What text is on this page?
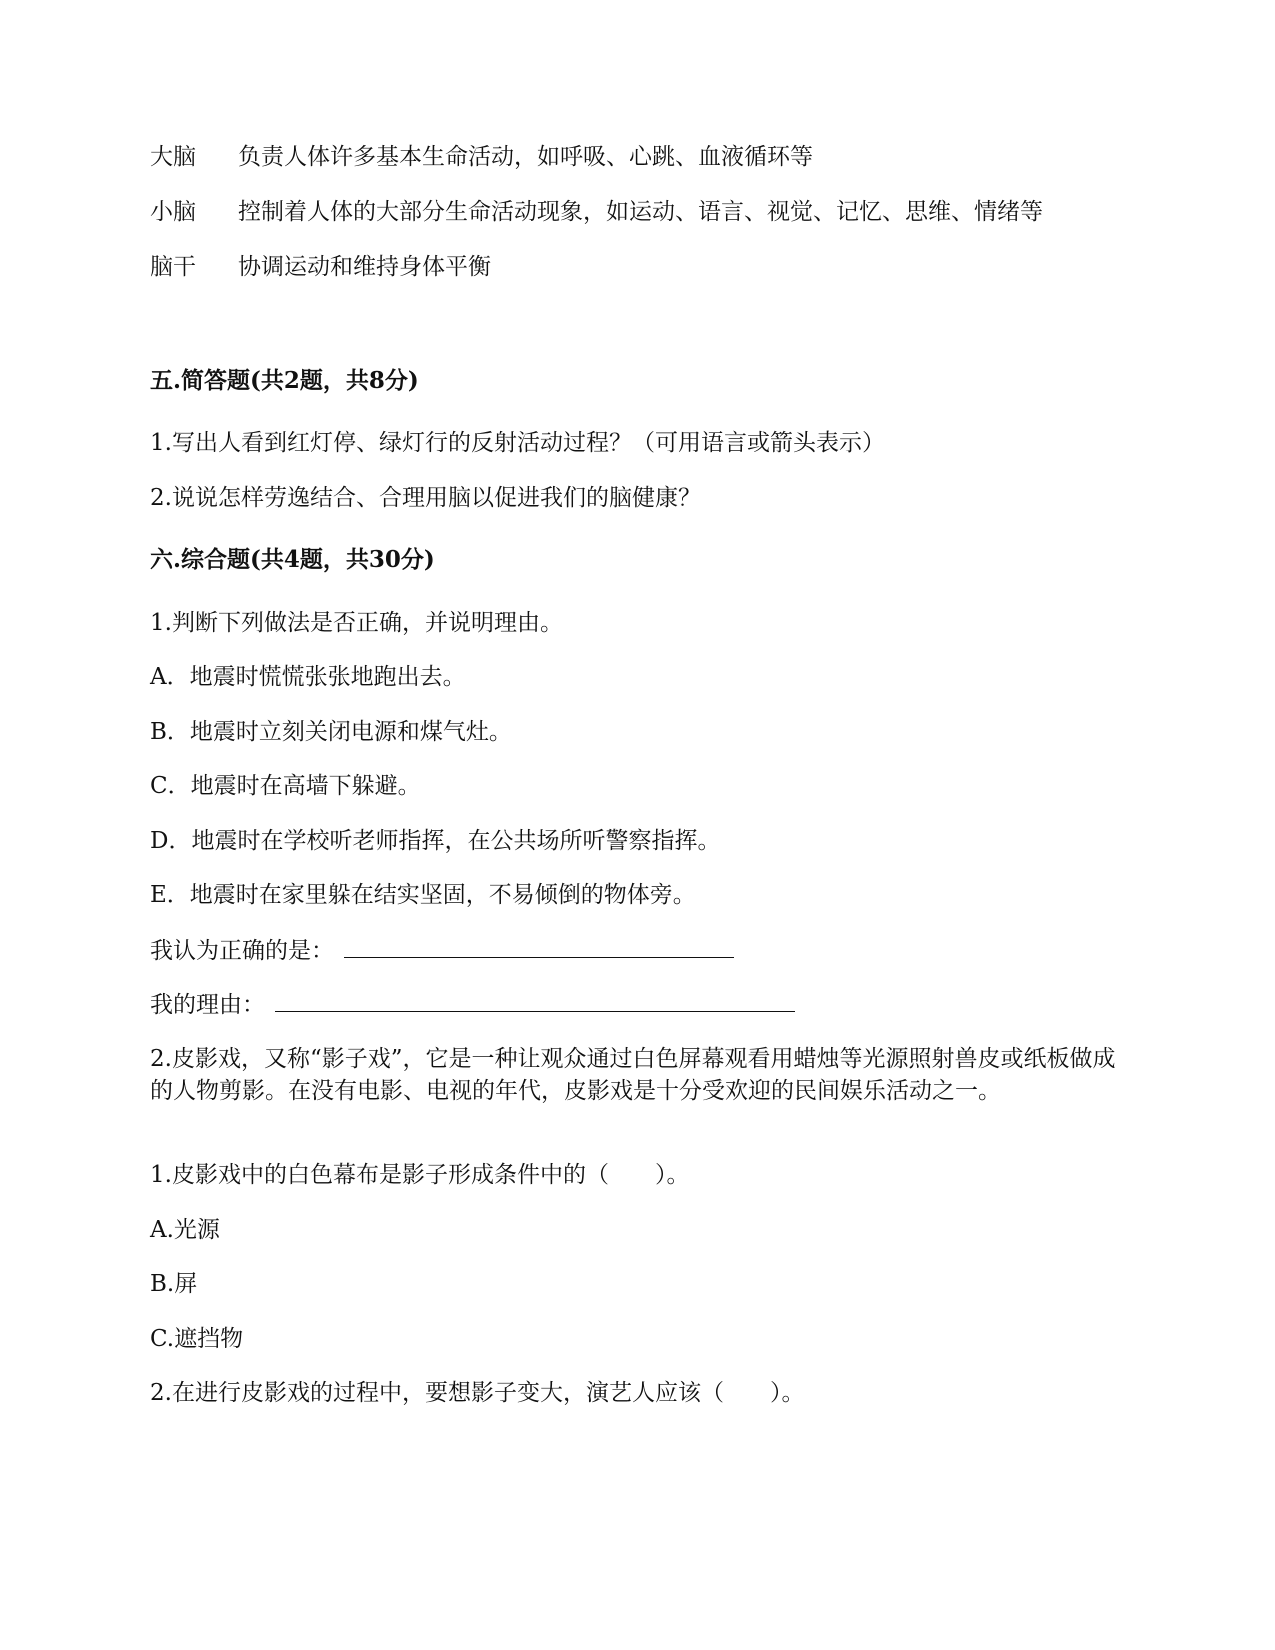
大脑 负责人体许多基本生命活动，如呼吸、心跳、血液循环等
小脑 控制着人体的大部分生命活动现象，如运动、语言、视觉、记忆、思维、情绪等
脑干 协调运动和维持身体平衡
五.简答题(共2题，共8分)
1.写出人看到红灯停、绿灯行的反射活动过程？（可用语言或箭头表示）
2.说说怎样劳逸结合、合理用脑以促进我们的脑健康？
六.综合题(共4题，共30分)
1.判断下列做法是否正确，并说明理由。
A．地震时慌慌张张地跑出去。
B．地震时立刻关闭电源和煤气灶。
C．地震时在高墙下躲避。
D．地震时在学校听老师指挥，在公共场所听警察指挥。
E．地震时在家里躲在结实坚固，不易倾倒的物体旁。
我认为正确的是：
我的理由：
2.皮影戏，又称“影子戏”，它是一种让观众通过白色屏幕观看用蜡烛等光源照射兽皮或纸板做成的人物剪影。在没有电影、电视的年代，皮影戏是十分受欢迎的民间娱乐活动之一。
1.皮影戏中的白色幕布是影子形成条件中的（　　）。
A.光源
B.屏
C.遮挡物
2.在进行皮影戏的过程中，要想影子变大，演艺人应该（　　）。
